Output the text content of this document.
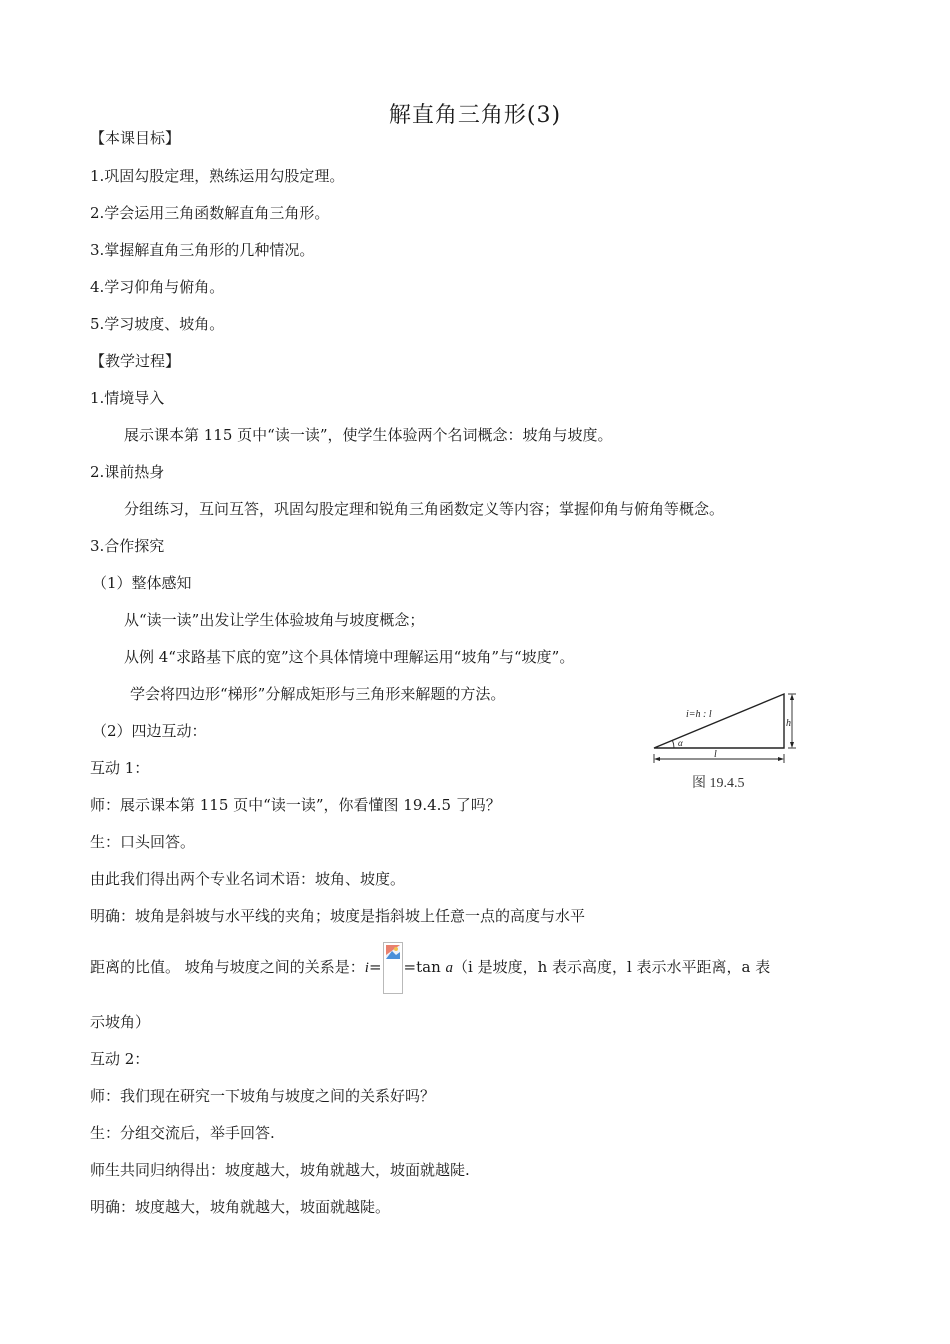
解直角三角形(3)
【本课目标】
1.巩固勾股定理，熟练运用勾股定理。
2.学会运用三角函数解直角三角形。
3.掌握解直角三角形的几种情况。
4.学习仰角与俯角。
5.学习坡度、坡角。
【教学过程】
1.情境导入
展示课本第 115 页中“读一读”，使学生体验两个名词概念：坡角与坡度。
2.课前热身
分组练习，互问互答，巩固勾股定理和锐角三角函数定义等内容；掌握仰角与俯角等概念。
3.合作探究
（1）整体感知
从“读一读”出发让学生体验坡角与坡度概念；
从例 4“求路基下底的宽”这个具体情境中理解运用“坡角”与“坡度”。
学会将四边形“梯形”分解成矩形与三角形来解题的方法。
（2）四边互动：
i=h : l
h
l
α
图 19.4.5
互动 1：
师：展示课本第 115 页中“读一读”，你看懂图 19.4.5 了吗？
生：口头回答。
由此我们得出两个专业名词术语：坡角、坡度。
明确：坡角是斜坡与水平线的夹角；坡度是指斜坡上任意一点的高度与水平
距离的比值。 坡角与坡度之间的关系是：i= =tan a（i 是坡度，h 表示高度，l 表示水平距离，a 表
示坡角）
互动 2：
师：我们现在研究一下坡角与坡度之间的关系好吗？
生：分组交流后，举手回答.
师生共同归纳得出：坡度越大，坡角就越大，坡面就越陡.
明确：坡度越大，坡角就越大，坡面就越陡。
